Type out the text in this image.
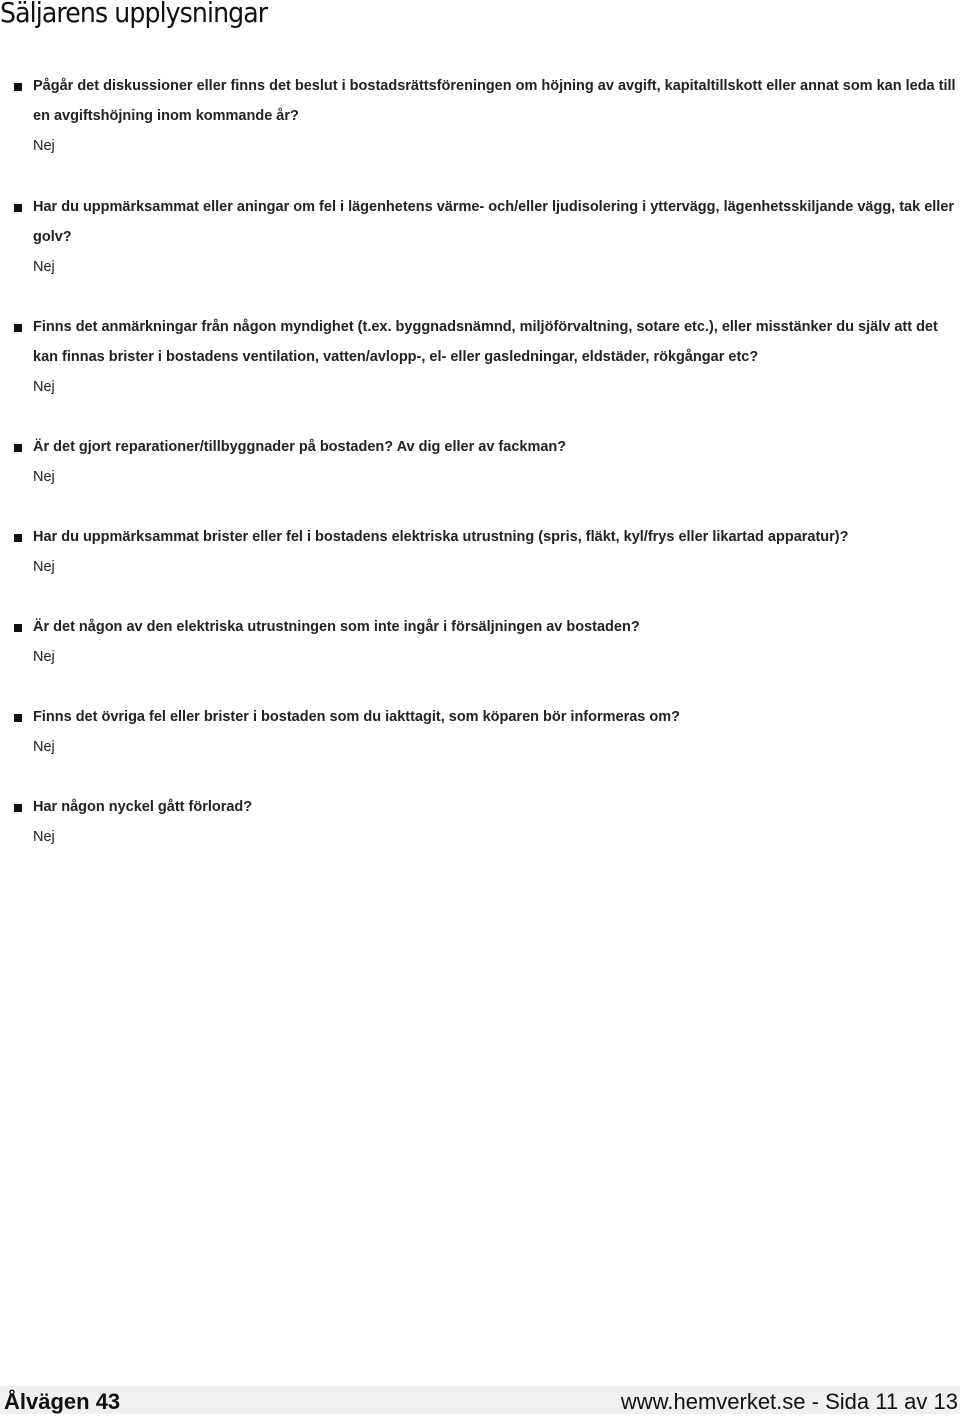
Säljarens upplysningar

Pågår det diskussioner eller finns det beslut i bostadsrättsföreningen om höjning av avgift, kapitaltillskott eller annat som kan leda till en avgiftshöjning inom kommande år?

Nej

Har du uppmärksammat eller aningar om fel i lägenhetens värme- och/eller ljudisolering i yttervägg, lägenhetsskiljande vägg, tak eller golv?

Nej

Finns det anmärkningar från någon myndighet (t.ex. byggnadsnämnd, miljöförvaltning, sotare etc.), eller misstänker du själv att det kan finnas brister i bostadens ventilation, vatten/avlopp-, el- eller gasledningar, eldstäder, rökgångar etc?

Nej

Är det gjort reparationer/tillbyggnader på bostaden? Av dig eller av fackman?

Nej

Har du uppmärksammat brister eller fel i bostadens elektriska utrustning (spris, fläkt, kyl/frys eller likartad apparatur)?

Nej

Är det någon av den elektriska utrustningen som inte ingår i försäljningen av bostaden?

Nej

Finns det övriga fel eller brister i bostaden som du iakttagit, som köparen bör informeras om?

Nej

Har någon nyckel gått förlorad?

Nej

Ålvägen 43	www.hemverket.se - Sida 11 av 13
